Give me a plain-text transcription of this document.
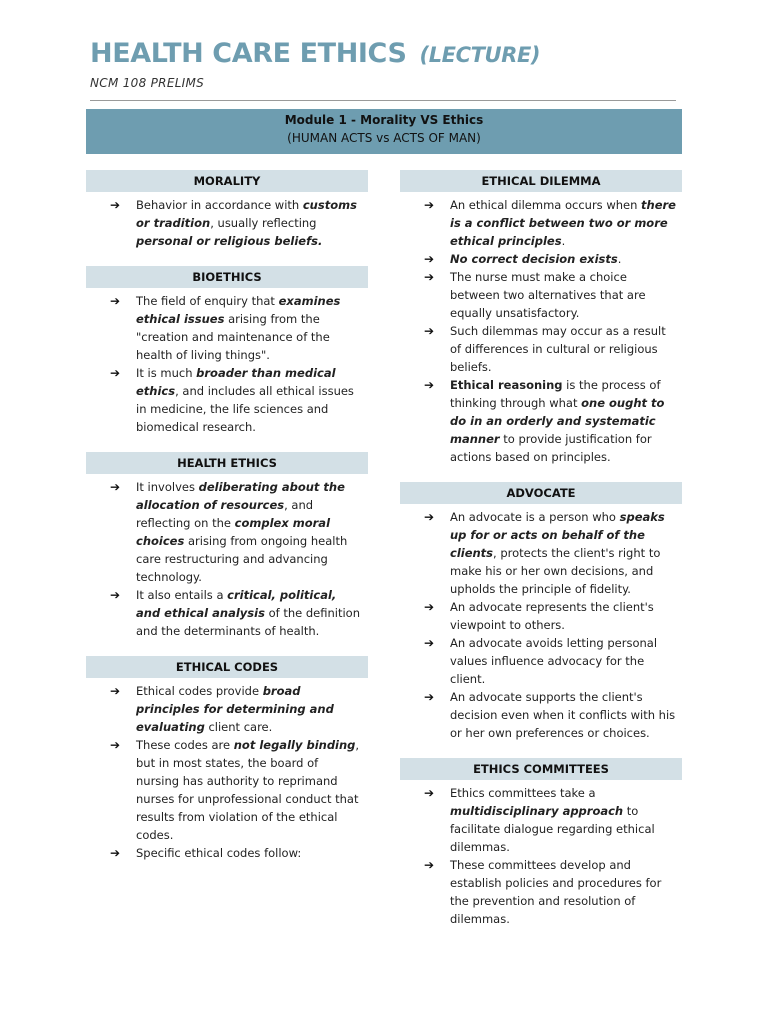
HEALTH CARE ETHICS (LECTURE)
NCM 108 PRELIMS
Module 1 - Morality VS Ethics
(HUMAN ACTS vs ACTS OF MAN)
MORALITY
➔ Behavior in accordance with customs or tradition, usually reflecting personal or religious beliefs.
BIOETHICS
➔ The field of enquiry that examines ethical issues arising from the "creation and maintenance of the health of living things".
➔ It is much broader than medical ethics, and includes all ethical issues in medicine, the life sciences and biomedical research.
HEALTH ETHICS
➔ It involves deliberating about the allocation of resources, and reflecting on the complex moral choices arising from ongoing health care restructuring and advancing technology.
➔ It also entails a critical, political, and ethical analysis of the definition and the determinants of health.
ETHICAL CODES
➔ Ethical codes provide broad principles for determining and evaluating client care.
➔ These codes are not legally binding, but in most states, the board of nursing has authority to reprimand nurses for unprofessional conduct that results from violation of the ethical codes.
➔ Specific ethical codes follow:
ETHICAL DILEMMA
➔ An ethical dilemma occurs when there is a conflict between two or more ethical principles.
➔ No correct decision exists.
➔ The nurse must make a choice between two alternatives that are equally unsatisfactory.
➔ Such dilemmas may occur as a result of differences in cultural or religious beliefs.
➔ Ethical reasoning is the process of thinking through what one ought to do in an orderly and systematic manner to provide justification for actions based on principles.
ADVOCATE
➔ An advocate is a person who speaks up for or acts on behalf of the clients, protects the client's right to make his or her own decisions, and upholds the principle of fidelity.
➔ An advocate represents the client's viewpoint to others.
➔ An advocate avoids letting personal values influence advocacy for the client.
➔ An advocate supports the client's decision even when it conflicts with his or her own preferences or choices.
ETHICS COMMITTEES
➔ Ethics committees take a multidisciplinary approach to facilitate dialogue regarding ethical dilemmas.
➔ These committees develop and establish policies and procedures for the prevention and resolution of dilemmas.
